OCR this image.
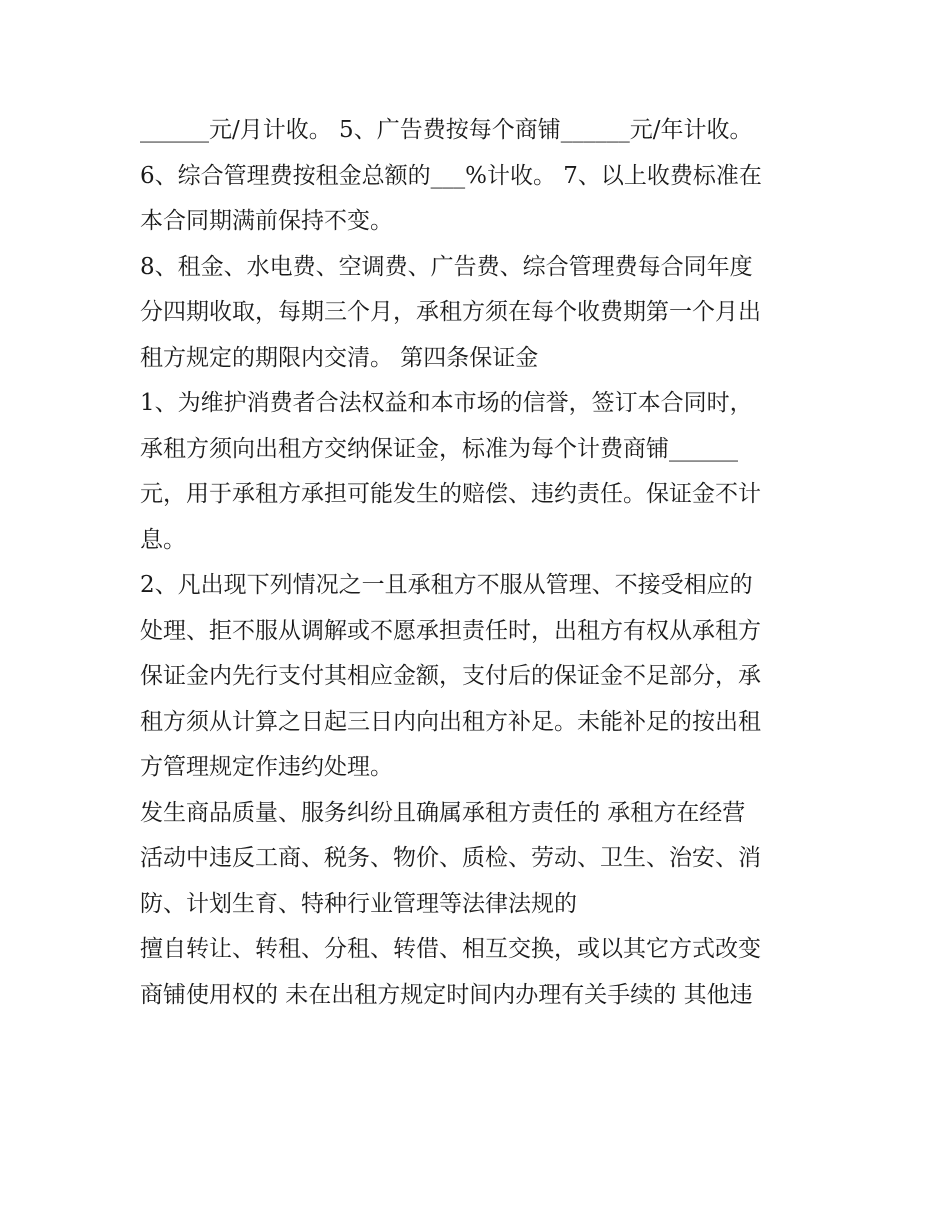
______元/月计收。 5、广告费按每个商铺______元/年计收。
6、综合管理费按租金总额的___%计收。 7、以上收费标准在
本合同期满前保持不变。
8、租金、水电费、空调费、广告费、综合管理费每合同年度
分四期收取，每期三个月，承租方须在每个收费期第一个月出
租方规定的期限内交清。 第四条保证金
1、为维护消费者合法权益和本市场的信誉，签订本合同时，
承租方须向出租方交纳保证金，标准为每个计费商铺______
元，用于承租方承担可能发生的赔偿、违约责任。保证金不计
息。
2、凡出现下列情况之一且承租方不服从管理、不接受相应的
处理、拒不服从调解或不愿承担责任时，出租方有权从承租方
保证金内先行支付其相应金额，支付后的保证金不足部分，承
租方须从计算之日起三日内向出租方补足。未能补足的按出租
方管理规定作违约处理。
发生商品质量、服务纠纷且确属承租方责任的 承租方在经营
活动中违反工商、税务、物价、质检、劳动、卫生、治安、消
防、计划生育、特种行业管理等法律法规的
擅自转让、转租、分租、转借、相互交换，或以其它方式改变
商铺使用权的 未在出租方规定时间内办理有关手续的 其他违
